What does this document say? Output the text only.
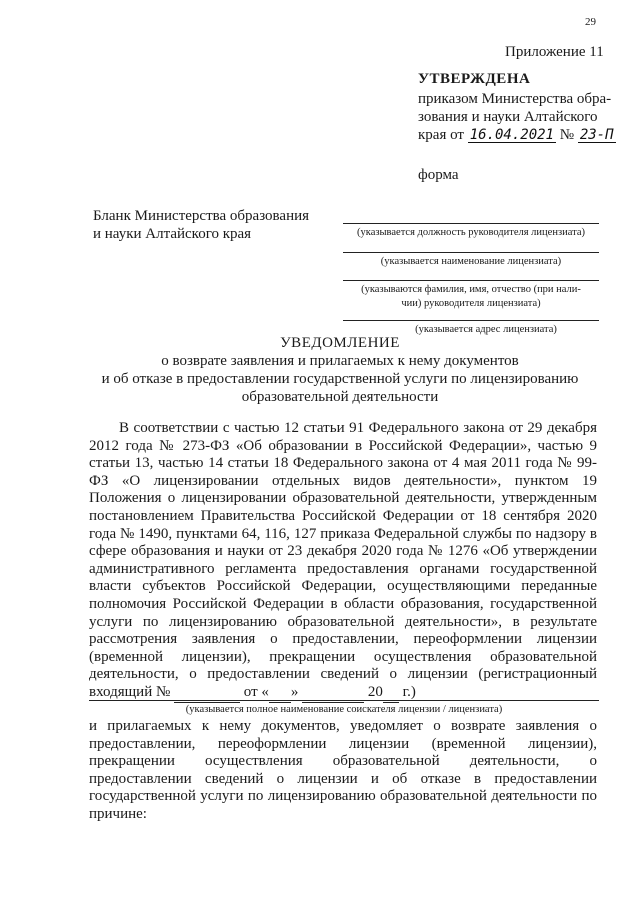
29
Приложение 11
УТВЕРЖДЕНА
приказом Министерства обра-
зования и науки Алтайского
края от 16.04.2021 № 23-П
форма
Бланк Министерства образования
и науки Алтайского края	(указывается должность руководителя лицензиата)
(указывается наименование лицензиата)
(указываются фамилия, имя, отчество (при нали-
чии) руководителя лицензиата)
(указывается адрес лицензиата)
УВЕДОМЛЕНИЕ
о возврате заявления и прилагаемых к нему документов
и об отказе в предоставлении государственной услуги по лицензированию
образовательной деятельности
В соответствии с частью 12 статьи 91 Федерального закона от 29 декабря 2012 года № 273-ФЗ «Об образовании в Российской Федерации», частью 9 статьи 13, частью 14 статьи 18 Федерального закона от 4 мая 2011 года № 99-ФЗ «О лицензировании отдельных видов деятельности», пунктом 19 Положения о лицензировании образовательной деятельности, утвержденным постановлением Правительства Российской Федерации от 18 сентября 2020 года № 1490, пунктами 64, 116, 127 приказа Федеральной службы по надзору в сфере образования и науки от 23 декабря 2020 года № 1276 «Об утверждении административного регламента предоставления органами государственной власти субъектов Российской Федерации, осуществляющими переданные полномочия Российской Федерации в области образования, государственной услуги по лицензированию образовательной деятельности», в результате рассмотрения заявления о предоставлении, переоформлении лицензии (временной лицензии), прекращении осуществления образовательной деятельности, о предоставлении сведений о лицензии (регистрационный входящий №	от « »	20 г.)
(указывается полное наименование соискателя лицензии / лицензиата)
и прилагаемых к нему документов, уведомляет о возврате заявления о предоставлении, переоформлении лицензии (временной лицензии), прекращении осуществления образовательной деятельности, о предоставлении сведений о лицензии и об отказе в предоставлении государственной услуги по лицензированию образовательной деятельности по причине:
